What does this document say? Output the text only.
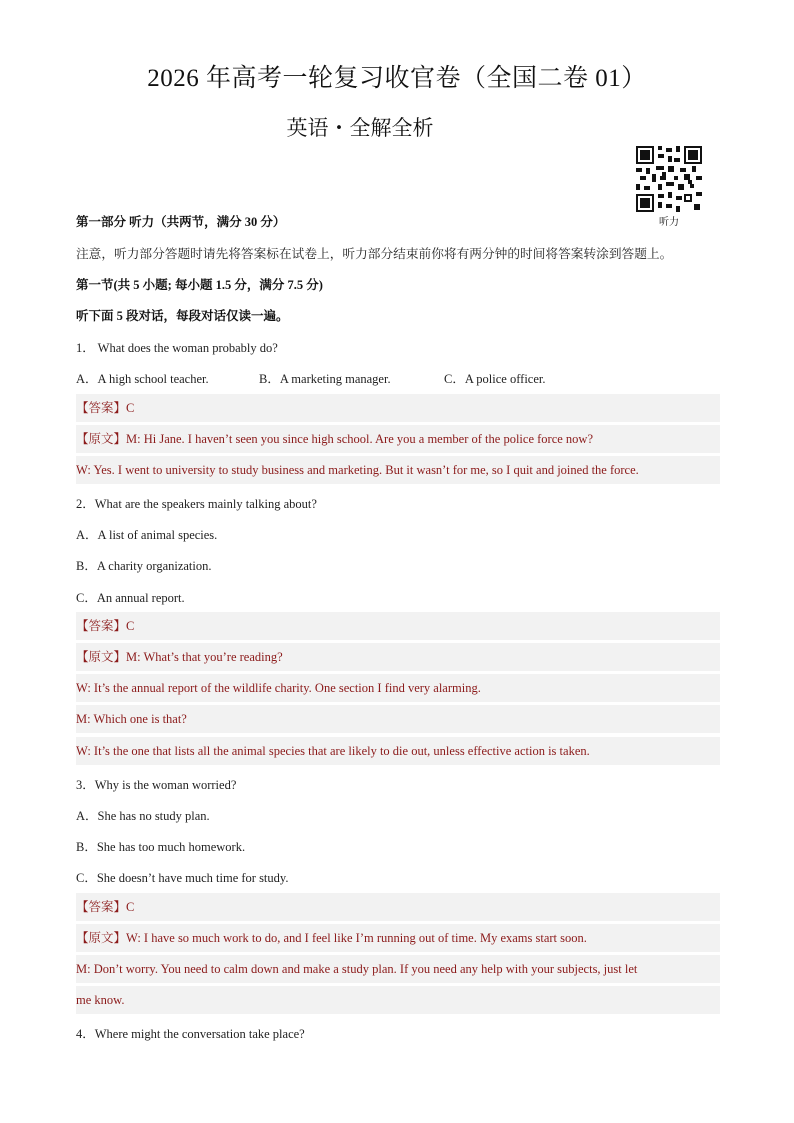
2026 年高考一轮复习收官卷（全国二卷 01）
英语・全解全析
听力
第一部分 听力（共两节，满分 30 分）
注意，听力部分答题时请先将答案标在试卷上，听力部分结束前你将有两分钟的时间将答案转涂到答题上。
第一节(共 5 小题; 每小题 1.5 分，满分 7.5 分)
听下面 5 段对话，每段对话仅读一遍。
1． What does the woman probably do?
A．A high school teacher.	B．A marketing manager.	C．A police officer.
【答案】C
【原文】M: Hi Jane. I haven’t seen you since high school. Are you a member of the police force now?
W: Yes. I went to university to study business and marketing. But it wasn’t for me, so I quit and joined the force.
2．What are the speakers mainly talking about?
A．A list of animal species.
B．A charity organization.
C．An annual report.
【答案】C
【原文】M: What’s that you’re reading?
W: It’s the annual report of the wildlife charity. One section I find very alarming.
M: Which one is that?
W: It’s the one that lists all the animal species that are likely to die out, unless effective action is taken.
3．Why is the woman worried?
A．She has no study plan.
B．She has too much homework.
C．She doesn’t have much time for study.
【答案】C
【原文】W: I have so much work to do, and I feel like I’m running out of time. My exams start soon.
M: Don’t worry. You need to calm down and make a study plan. If you need any help with your subjects, just let
me know.
4．Where might the conversation take place?
